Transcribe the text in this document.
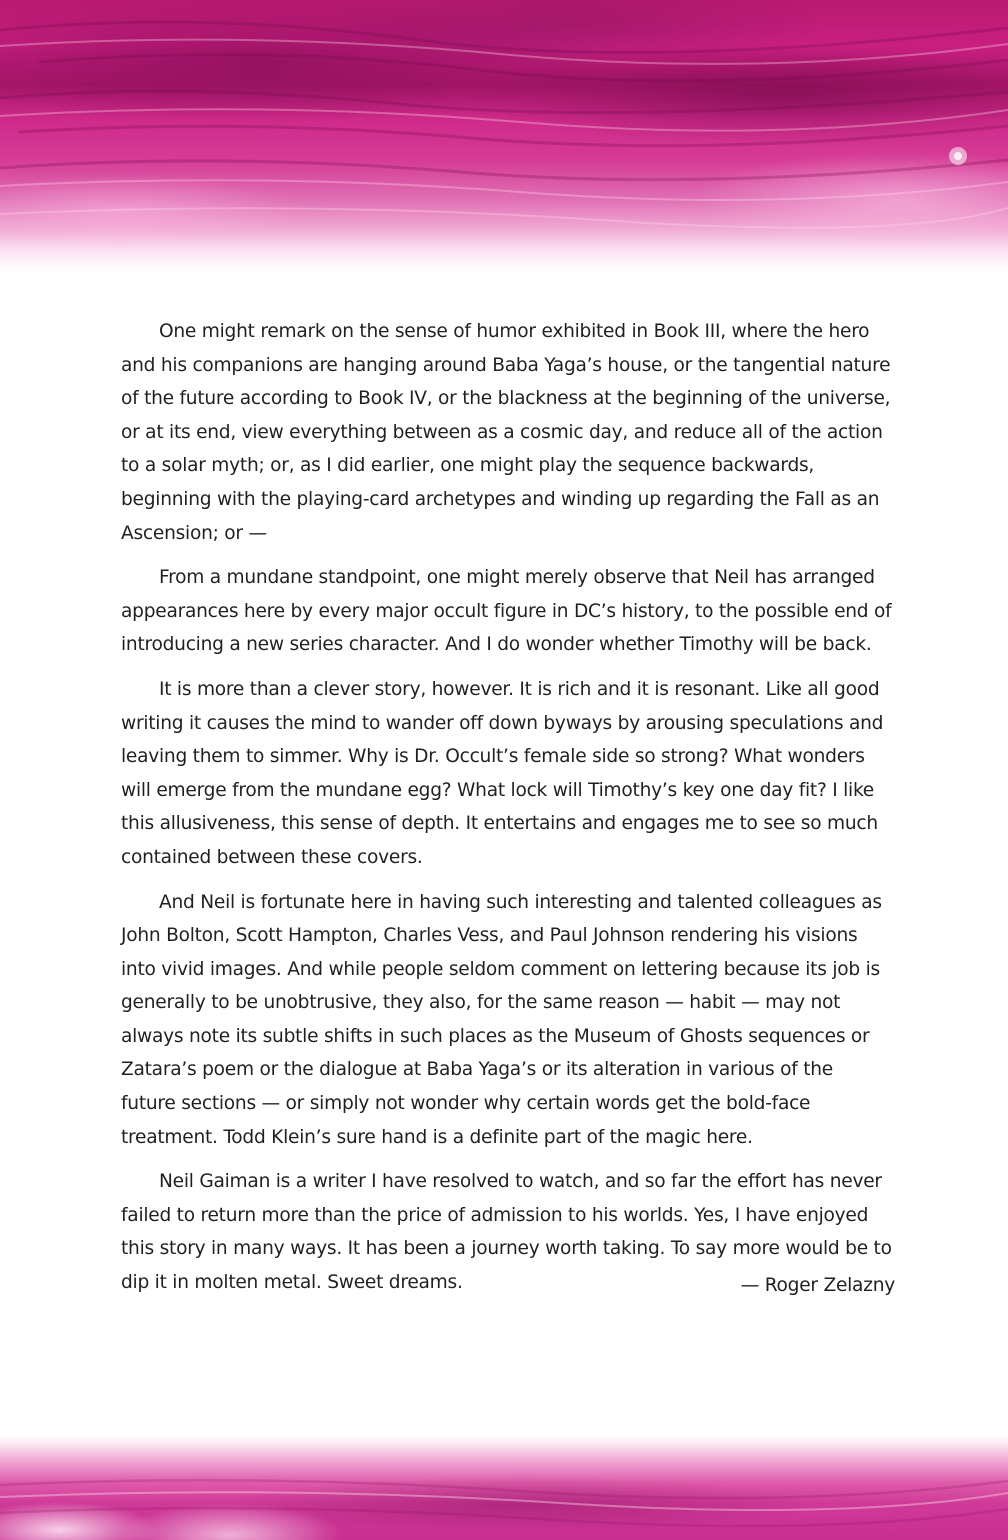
One might remark on the sense of humor exhibited in Book III, where the hero and his companions are hanging around Baba Yaga’s house, or the tangential nature of the future according to Book IV, or the blackness at the beginning of the universe, or at its end, view everything between as a cosmic day, and reduce all of the action to a solar myth; or, as I did earlier, one might play the sequence backwards, beginning with the playing-card archetypes and winding up regarding the Fall as an Ascension; or —

From a mundane standpoint, one might merely observe that Neil has arranged appearances here by every major occult figure in DC’s history, to the possible end of introducing a new series character. And I do wonder whether Timothy will be back.

It is more than a clever story, however. It is rich and it is resonant. Like all good writing it causes the mind to wander off down byways by arousing speculations and leaving them to simmer. Why is Dr. Occult’s female side so strong? What wonders will emerge from the mundane egg? What lock will Timothy’s key one day fit? I like this allusiveness, this sense of depth. It entertains and engages me to see so much contained between these covers.

And Neil is fortunate here in having such interesting and talented colleagues as John Bolton, Scott Hampton, Charles Vess, and Paul Johnson rendering his visions into vivid images. And while people seldom comment on lettering because its job is generally to be unobtrusive, they also, for the same reason — habit — may not always note its subtle shifts in such places as the Museum of Ghosts sequences or Zatara’s poem or the dialogue at Baba Yaga’s or its alteration in various of the future sections — or simply not wonder why certain words get the bold-face treatment. Todd Klein’s sure hand is a definite part of the magic here.

Neil Gaiman is a writer I have resolved to watch, and so far the effort has never failed to return more than the price of admission to his worlds. Yes, I have enjoyed this story in many ways. It has been a journey worth taking. To say more would be to dip it in molten metal. Sweet dreams.	— Roger Zelazny
